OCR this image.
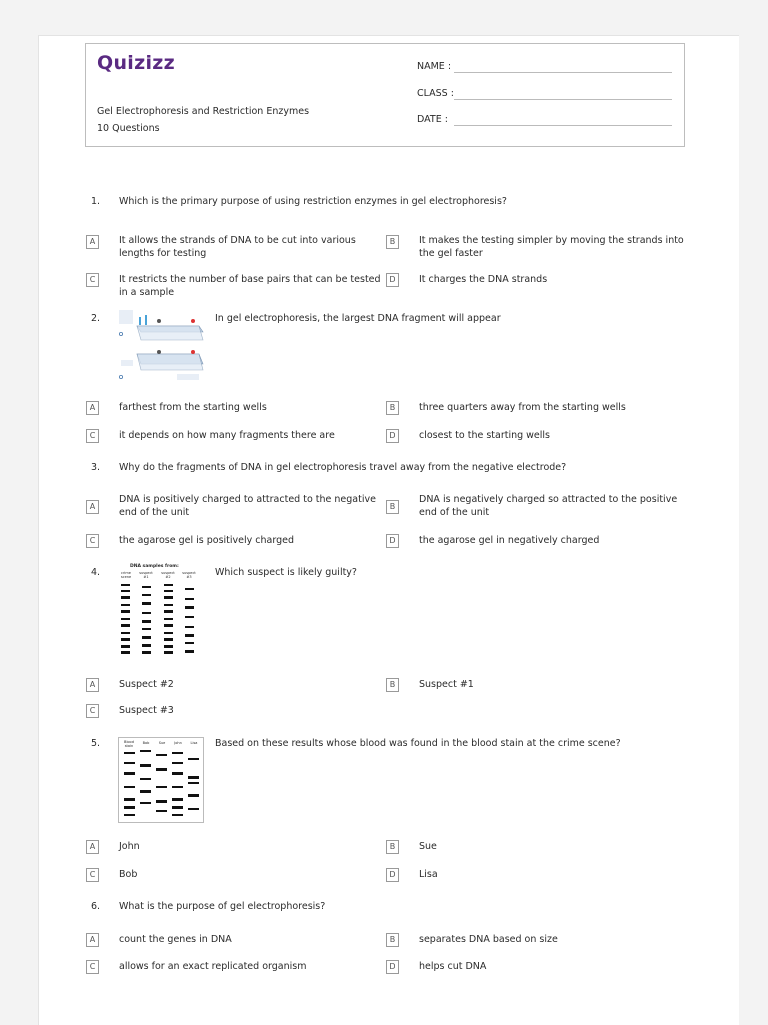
Quizizz
Gel Electrophoresis and Restriction Enzymes
10 Questions
NAME :
CLASS :
DATE :
1. Which is the primary purpose of using restriction enzymes in gel electrophoresis?
A	It allows the strands of DNA to be cut into various lengths for testing
B	It makes the testing simpler by moving the strands into the gel faster
C	It restricts the number of base pairs that can be tested in a sample
D	It charges the DNA strands
2.	In gel electrophoresis, the largest DNA fragment will appear
A	farthest from the starting wells	B	three quarters away from the starting wells
C	it depends on how many fragments there are	D	closest to the starting wells
3. Why do the fragments of DNA in gel electrophoresis travel away from the negative electrode?
A
DNA is positively charged to attracted to the negative end of the unit
B
DNA is negatively charged so attracted to the positive end of the unit
C	the agarose gel is positively charged	D	the agarose gel in negatively charged
4.
DNA samples from:
crime scene
suspect #1
suspect #2
suspect #3	Which suspect is likely guilty?
A	Suspect #2	B	Suspect #1
C	Suspect #3
5.	Blood stain
Bob	Sue	John	Lisa	Based on these results whose blood was found in the blood stain at the crime scene?
A	John	B	Sue
C	Bob	D	Lisa
6. What is the purpose of gel electrophoresis?
A	count the genes in DNA	B	separates DNA based on size
C	allows for an exact replicated organism	D	helps cut DNA
